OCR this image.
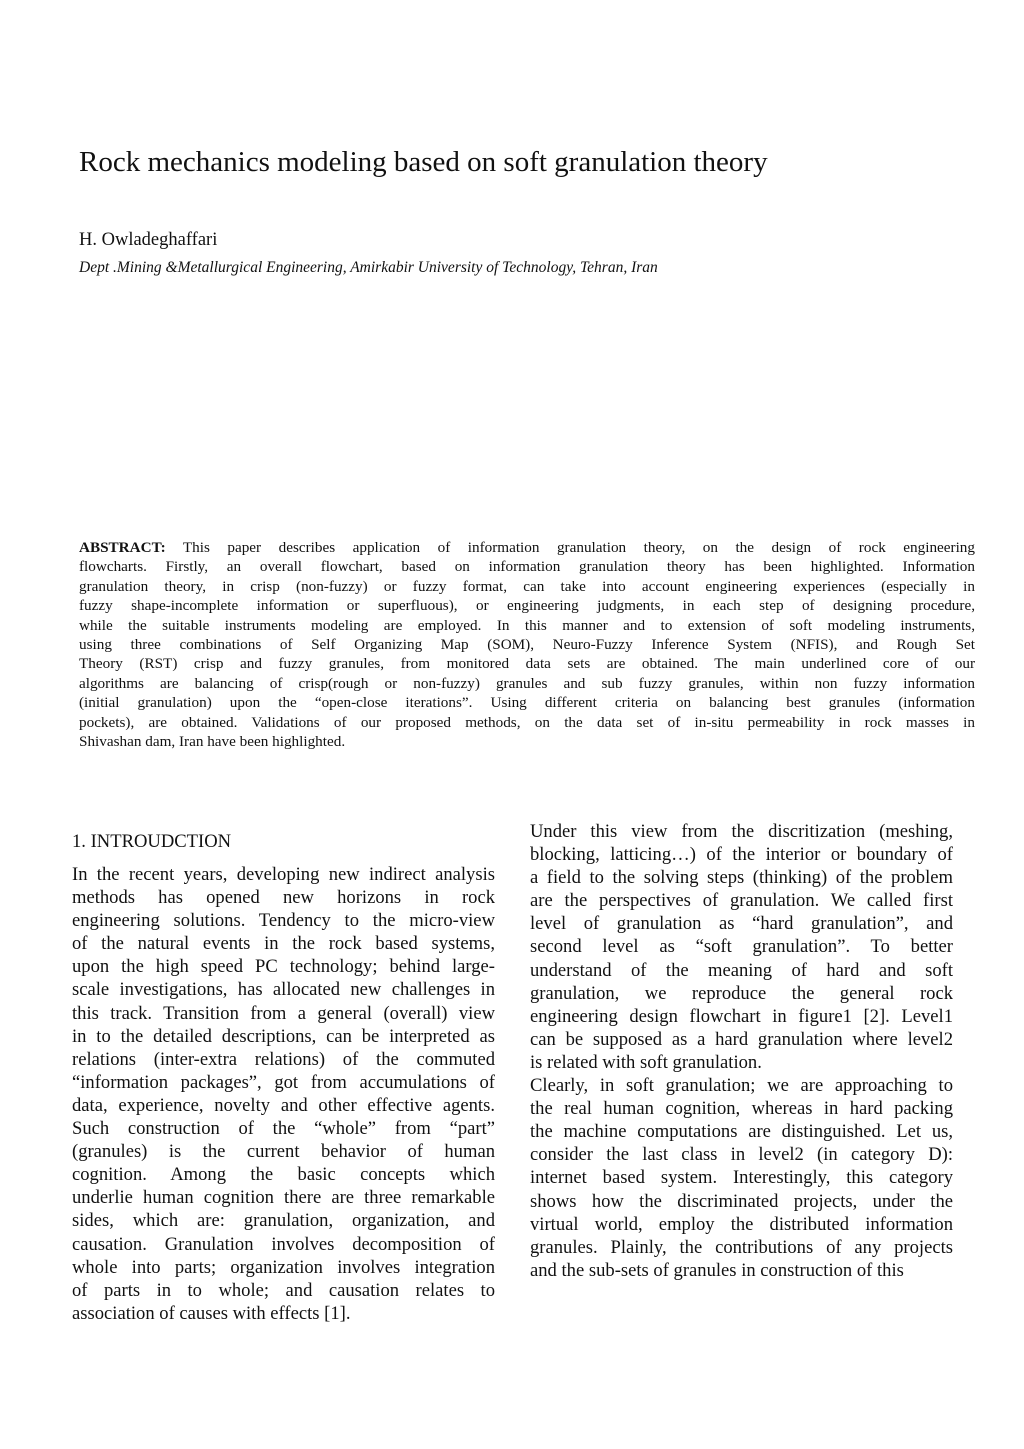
Rock mechanics modeling based on soft granulation theory
H. Owladeghaffari
Dept .Mining &Metallurgical Engineering, Amirkabir University of Technology, Tehran, Iran
ABSTRACT: This paper describes application of information granulation theory, on the design of rock engineering
flowcharts. Firstly, an overall flowchart, based on information granulation theory has been highlighted. Information
granulation theory, in crisp (non-fuzzy) or fuzzy format, can take into account engineering experiences (especially in
fuzzy shape-incomplete information or superfluous), or engineering judgments, in each step of designing procedure,
while the suitable instruments modeling are employed. In this manner and to extension of soft modeling instruments,
using three combinations of Self Organizing Map (SOM), Neuro-Fuzzy Inference System (NFIS), and Rough Set
Theory (RST) crisp and fuzzy granules, from monitored data sets are obtained. The main underlined core of our
algorithms are balancing of crisp(rough or non-fuzzy) granules and sub fuzzy granules, within non fuzzy information
(initial granulation) upon the “open-close iterations”. Using different criteria on balancing best granules (information
pockets), are obtained. Validations of our proposed methods, on the data set of in-situ permeability in rock masses in
Shivashan dam, Iran have been highlighted.
1. INTROUDCTION
In the recent years, developing new indirect analysis
methods has opened new horizons in rock
engineering solutions. Tendency to the micro-view
of the natural events in the rock based systems,
upon the high speed PC technology; behind large-
scale investigations, has allocated new challenges in
this track. Transition from a general (overall) view
in to the detailed descriptions, can be interpreted as
relations (inter-extra relations) of the commuted
“information packages”, got from accumulations of
data, experience, novelty and other effective agents.
Such construction of the “whole” from “part”
(granules) is the current behavior of human
cognition. Among the basic concepts which
underlie human cognition there are three remarkable
sides, which are: granulation, organization, and
causation. Granulation involves decomposition of
whole into parts; organization involves integration
of parts in to whole; and causation relates to
association of causes with effects [1].
Under this view from the discritization (meshing,
blocking, latticing…) of the interior or boundary of
a field to the solving steps (thinking) of the problem
are the perspectives of granulation. We called first
level of granulation as “hard granulation”, and
second level as “soft granulation”. To better
understand of the meaning of hard and soft
granulation, we reproduce the general rock
engineering design flowchart in figure1 [2]. Level1
can be supposed as a hard granulation where level2
is related with soft granulation.
Clearly, in soft granulation; we are approaching to
the real human cognition, whereas in hard packing
the machine computations are distinguished. Let us,
consider the last class in level2 (in category D):
internet based system. Interestingly, this category
shows how the discriminated projects, under the
virtual world, employ the distributed information
granules. Plainly, the contributions of any projects
and the sub-sets of granules in construction of this
